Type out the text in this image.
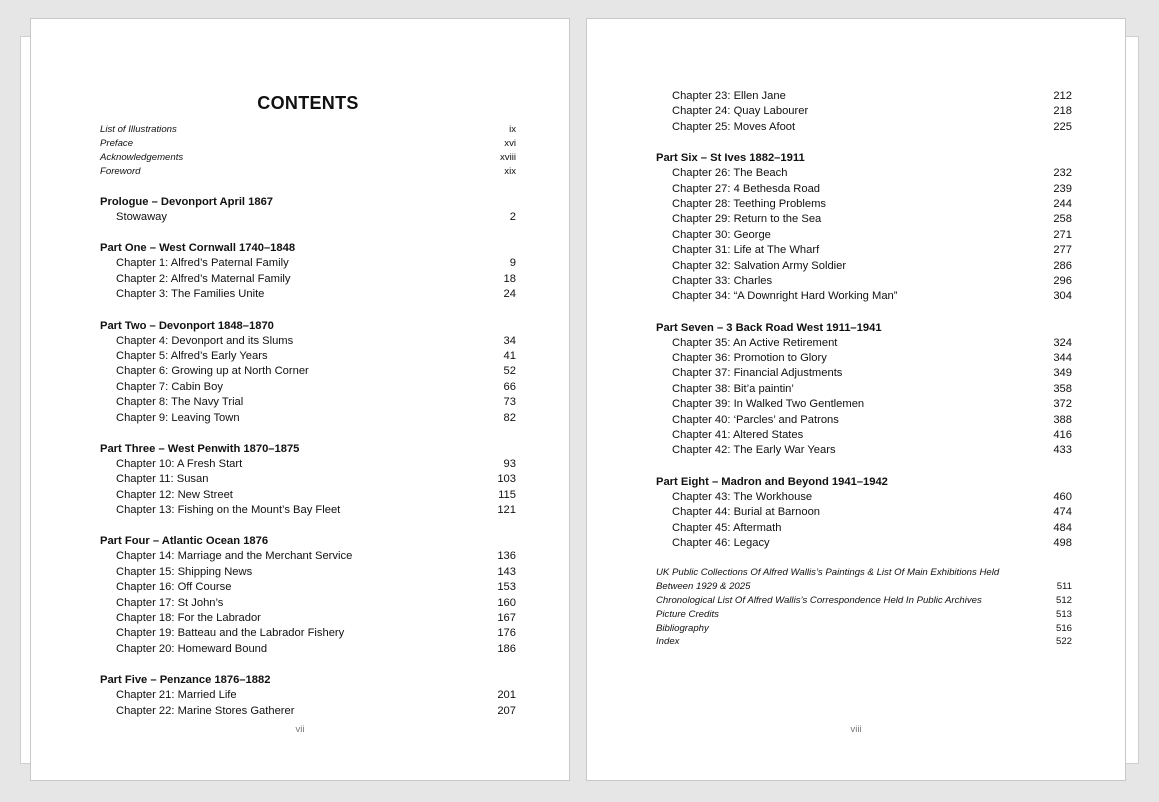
CONTENTS
List of Illustrations	ix
Preface	xvi
Acknowledgements	xviii
Foreword	xix
Prologue – Devonport April 1867
Stowaway	2
Part One – West Cornwall 1740–1848
Chapter 1: Alfred’s Paternal Family	9
Chapter 2: Alfred’s Maternal Family	18
Chapter 3: The Families Unite	24
Part Two – Devonport 1848–1870
Chapter 4: Devonport and its Slums	34
Chapter 5: Alfred’s Early Years	41
Chapter 6: Growing up at North Corner	52
Chapter 7: Cabin Boy	66
Chapter 8: The Navy Trial	73
Chapter 9: Leaving Town	82
Part Three – West Penwith 1870–1875
Chapter 10: A Fresh Start	93
Chapter 11: Susan	103
Chapter 12: New Street	115
Chapter 13: Fishing on the Mount’s Bay Fleet	121
Part Four – Atlantic Ocean 1876
Chapter 14: Marriage and the Merchant Service	136
Chapter 15: Shipping News	143
Chapter 16: Off Course	153
Chapter 17: St John’s	160
Chapter 18: For the Labrador	167
Chapter 19: Batteau and the Labrador Fishery	176
Chapter 20: Homeward Bound	186
Part Five – Penzance 1876–1882
Chapter 21: Married Life	201
Chapter 22: Marine Stores Gatherer	207
vii
Chapter 23: Ellen Jane	212
Chapter 24: Quay Labourer	218
Chapter 25: Moves Afoot	225
Part Six – St Ives 1882–1911
Chapter 26: The Beach	232
Chapter 27: 4 Bethesda Road	239
Chapter 28: Teething Problems	244
Chapter 29: Return to the Sea	258
Chapter 30: George	271
Chapter 31: Life at The Wharf	277
Chapter 32: Salvation Army Soldier	286
Chapter 33: Charles	296
Chapter 34: “A Downright Hard Working Man”	304
Part Seven – 3 Back Road West 1911–1941
Chapter 35: An Active Retirement	324
Chapter 36: Promotion to Glory	344
Chapter 37: Financial Adjustments	349
Chapter 38: Bit’a paintin’	358
Chapter 39: In Walked Two Gentlemen	372
Chapter 40: ‘Parcles’ and Patrons	388
Chapter 41: Altered States	416
Chapter 42: The Early War Years	433
Part Eight – Madron and Beyond 1941–1942
Chapter 43: The Workhouse	460
Chapter 44: Burial at Barnoon	474
Chapter 45: Aftermath	484
Chapter 46: Legacy	498
UK Public Collections Of Alfred Wallis’s Paintings & List Of Main Exhibitions Held Between 1929 & 2025	511
Chronological List Of Alfred Wallis’s Correspondence Held In Public Archives	512
Picture Credits	513
Bibliography	516
Index	522
viii
